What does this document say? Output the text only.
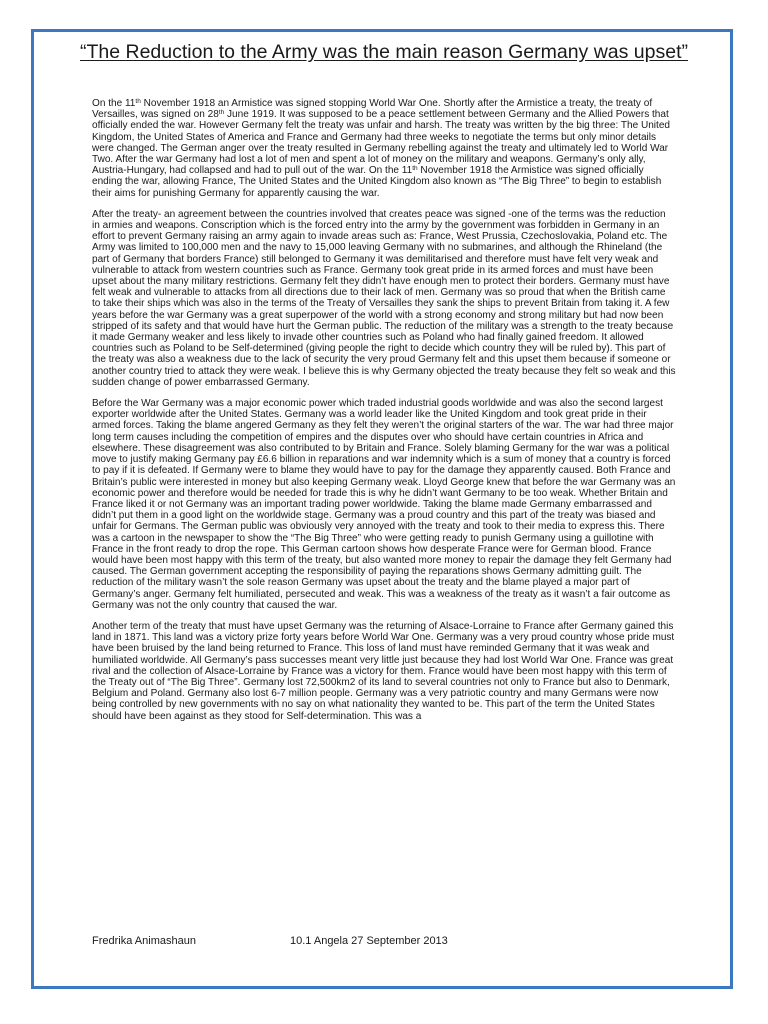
“The Reduction to the Army was the main reason Germany was upset”

On the 11th November 1918 an Armistice was signed stopping World War One. Shortly after the Armistice a treaty, the treaty of Versailles, was signed on 28th June 1919. It was supposed to be a peace settlement between Germany and the Allied Powers that officially ended the war. However Germany felt the treaty was unfair and harsh. The treaty was written by the big three: The United Kingdom, the United States of America and France and Germany had three weeks to negotiate the terms but only minor details were changed. The German anger over the treaty resulted in Germany rebelling against the treaty and ultimately led to World War Two. After the war Germany had lost a lot of men and spent a lot of money on the military and weapons. Germany’s only ally, Austria-Hungary, had collapsed and had to pull out of the war. On the 11th November 1918 the Armistice was signed officially ending the war, allowing France, The United States and the United Kingdom also known as “The Big Three” to begin to establish their aims for punishing Germany for apparently causing the war.

After the treaty- an agreement between the countries involved that creates peace was signed -one of the terms was the reduction in armies and weapons. Conscription which is the forced entry into the army by the government was forbidden in Germany in an effort to prevent Germany raising an army again to invade areas such as: France, West Prussia, Czechoslovakia, Poland etc. The Army was limited to 100,000 men and the navy to 15,000 leaving Germany with no submarines, and although the Rhineland (the part of Germany that borders France) still belonged to Germany it was demilitarised and therefore must have felt very weak and vulnerable to attack from western countries such as France. Germany took great pride in its armed forces and must have been upset about the many military restrictions. Germany felt they didn’t have enough men to protect their borders. Germany must have felt weak and vulnerable to attacks from all directions due to their lack of men. Germany was so proud that when the British came to take their ships which was also in the terms of the Treaty of Versailles they sank the ships to prevent Britain from taking it. A few years before the war Germany was a great superpower of the world with a strong economy and strong military but had now been stripped of its safety and that would have hurt the German public. The reduction of the military was a strength to the treaty because it made Germany weaker and less likely to invade other countries such as Poland who had finally gained freedom. It allowed countries such as Poland to be Self-determined (giving people the right to decide which country they will be ruled by). This part of the treaty was also a weakness due to the lack of security the very proud Germany felt and this upset them because if someone or another country tried to attack they were weak. I believe this is why Germany objected the treaty because they felt so weak and this sudden change of power embarrassed Germany.

Before the War Germany was a major economic power which traded industrial goods worldwide and was also the second largest exporter worldwide after the United States. Germany was a world leader like the United Kingdom and took great pride in their armed forces. Taking the blame angered Germany as they felt they weren’t the original starters of the war. The war had three major long term causes including the competition of empires and the disputes over who should have certain countries in Africa and elsewhere. These disagreement was also contributed to by Britain and France. Solely blaming Germany for the war was a political move to justify making Germany pay £6.6 billion in reparations and war indemnity which is a sum of money that a country is forced to pay if it is defeated. If Germany were to blame they would have to pay for the damage they apparently caused. Both France and Britain’s public were interested in money but also keeping Germany weak. Lloyd George knew that before the war Germany was an economic power and therefore would be needed for trade this is why he didn’t want Germany to be too weak. Whether Britain and France liked it or not Germany was an important trading power worldwide. Taking the blame made Germany embarrassed and didn’t put them in a good light on the worldwide stage. Germany was a proud country and this part of the treaty was biased and unfair for Germans. The German public was obviously very annoyed with the treaty and took to their media to express this. There was a cartoon in the newspaper to show the “The Big Three” who were getting ready to punish Germany using a guillotine with France in the front ready to drop the rope. This German cartoon shows how desperate France were for German blood. France would have been most happy with this term of the treaty, but also wanted more money to repair the damage they felt Germany had caused. The German government accepting the responsibility of paying the reparations shows Germany admitting guilt. The reduction of the military wasn’t the sole reason Germany was upset about the treaty and the blame played a major part of Germany’s anger. Germany felt humiliated, persecuted and weak. This was a weakness of the treaty as it wasn’t a fair outcome as Germany was not the only country that caused the war.

Another term of the treaty that must have upset Germany was the returning of Alsace-Lorraine to France after Germany gained this land in 1871. This land was a victory prize forty years before World War One. Germany was a very proud country whose pride must have been bruised by the land being returned to France. This loss of land must have reminded Germany that it was weak and humiliated worldwide. All Germany’s pass successes meant very little just because they had lost World War One. France was great rival and the collection of Alsace-Lorraine by France was a victory for them. France would have been most happy with this term of the Treaty out of “The Big Three”. Germany lost 72,500km2 of its land to several countries not only to France but also to Denmark, Belgium and Poland. Germany also lost 6-7 million people. Germany was a very patriotic country and many Germans were now being controlled by new governments with no say on what nationality they wanted to be. This part of the term the United States should have been against as they stood for Self-determination. This was a

Fredrika Animashaun	10.1 Angela 27 September 2013
